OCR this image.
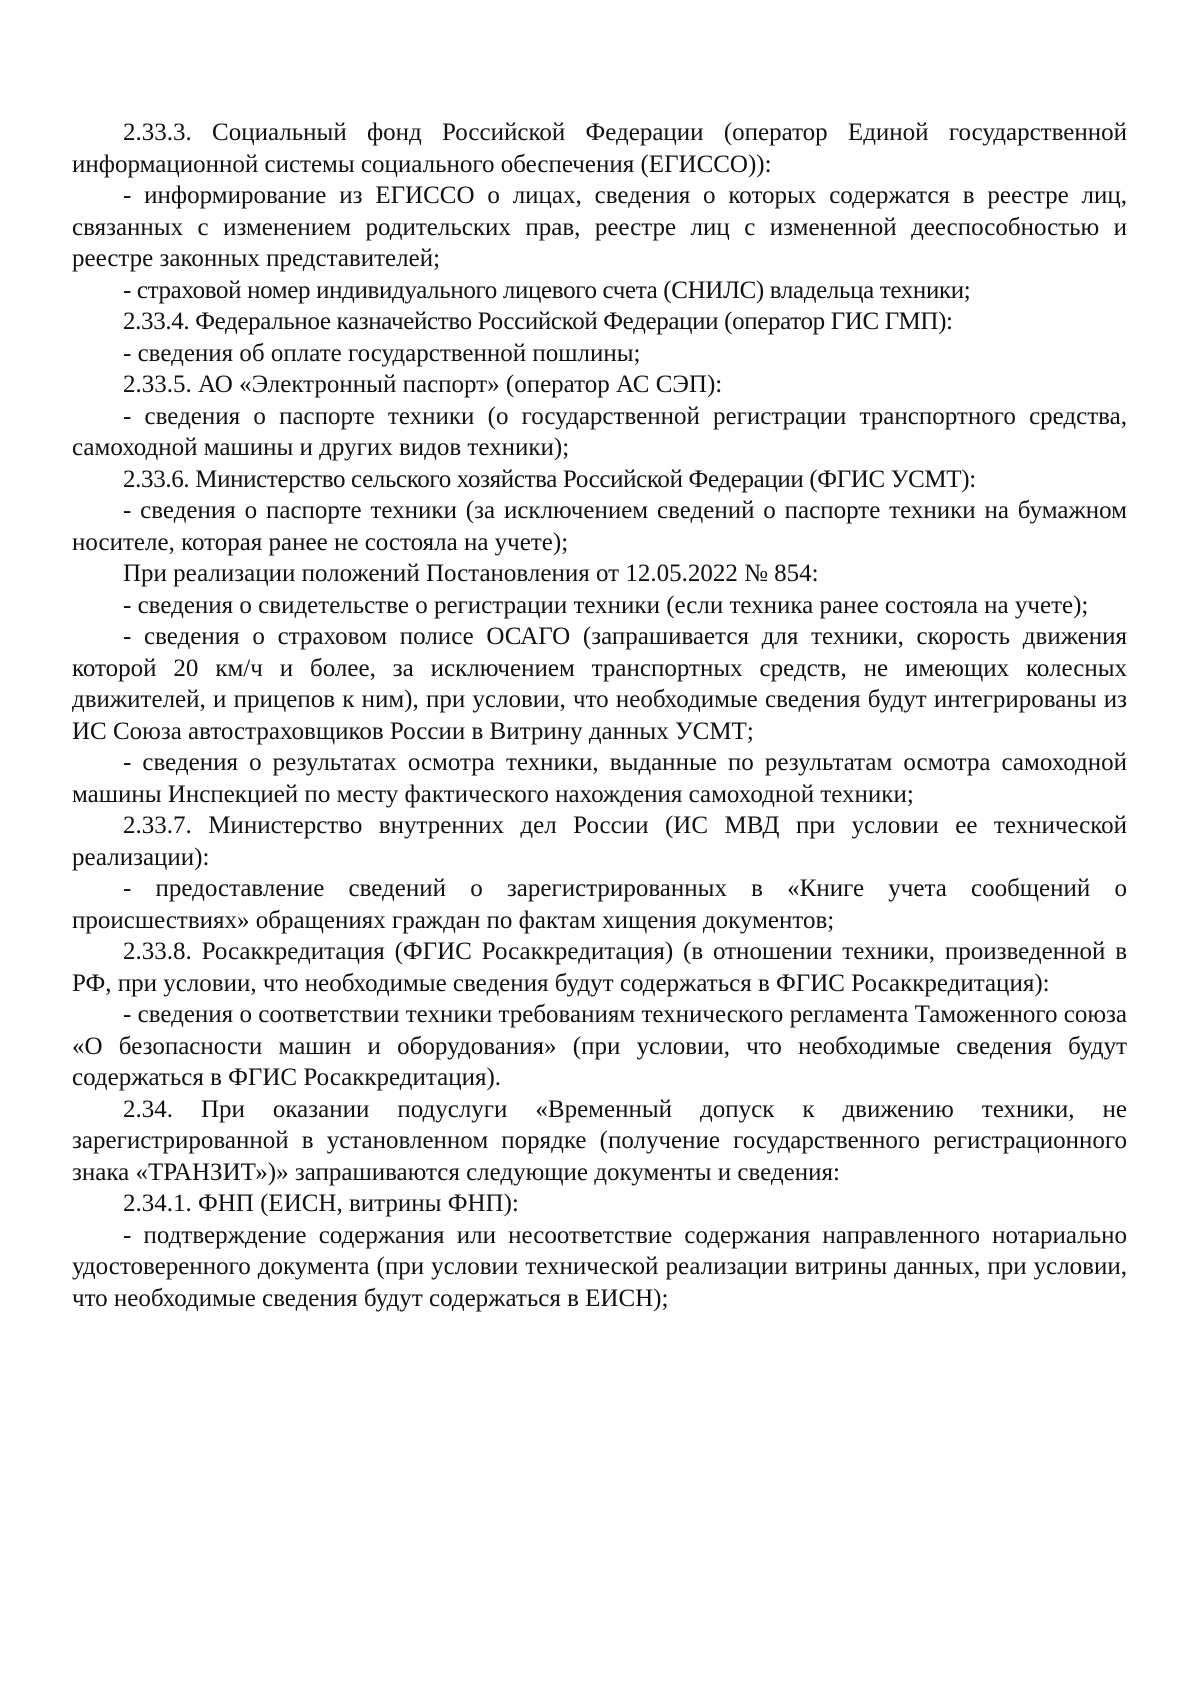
2.33.3. Социальный фонд Российской Федерации (оператор Единой государственной информационной системы социального обеспечения (ЕГИССО)):

- информирование из ЕГИССО о лицах, сведения о которых содержатся в реестре лиц, связанных с изменением родительских прав, реестре лиц с измененной дееспособностью и реестре законных представителей;

- страховой номер индивидуального лицевого счета (СНИЛС) владельца техники;

2.33.4. Федеральное казначейство Российской Федерации (оператор ГИС ГМП):

- сведения об оплате государственной пошлины;

2.33.5. АО «Электронный паспорт» (оператор АС СЭП):

- сведения о паспорте техники (о государственной регистрации транспортного средства, самоходной машины и других видов техники);

2.33.6. Министерство сельского хозяйства Российской Федерации (ФГИС УСМТ):

- сведения о паспорте техники (за исключением сведений о паспорте техники на бумажном носителе, которая ранее не состояла на учете);

При реализации положений Постановления от 12.05.2022 № 854:

- сведения о свидетельстве о регистрации техники (если техника ранее состояла на учете);

- сведения о страховом полисе ОСАГО (запрашивается для техники, скорость движения которой 20 км/ч и более, за исключением транспортных средств, не имеющих колесных движителей, и прицепов к ним), при условии, что необходимые сведения будут интегрированы из ИС Союза автостраховщиков России в Витрину данных УСМТ;

- сведения о результатах осмотра техники, выданные по результатам осмотра самоходной машины Инспекцией по месту фактического нахождения самоходной техники;

2.33.7. Министерство внутренних дел России (ИС МВД при условии ее технической реализации):

- предоставление сведений о зарегистрированных в «Книге учета сообщений о происшествиях» обращениях граждан по фактам хищения документов;

2.33.8. Росаккредитация (ФГИС Росаккредитация) (в отношении техники, произведенной в РФ, при условии, что необходимые сведения будут содержаться в ФГИС Росаккредитация):

- сведения о соответствии техники требованиям технического регламента Таможенного союза «О безопасности машин и оборудования» (при условии, что необходимые сведения будут содержаться в ФГИС Росаккредитация).

2.34. При оказании подуслуги «Временный допуск к движению техники, не зарегистрированной в установленном порядке (получение государственного регистрационного знака «ТРАНЗИТ»)» запрашиваются следующие документы и сведения:

2.34.1. ФНП (ЕИСН, витрины ФНП):

- подтверждение содержания или несоответствие содержания направленного нотариально удостоверенного документа (при условии технической реализации витрины данных, при условии, что необходимые сведения будут содержаться в ЕИСН);
